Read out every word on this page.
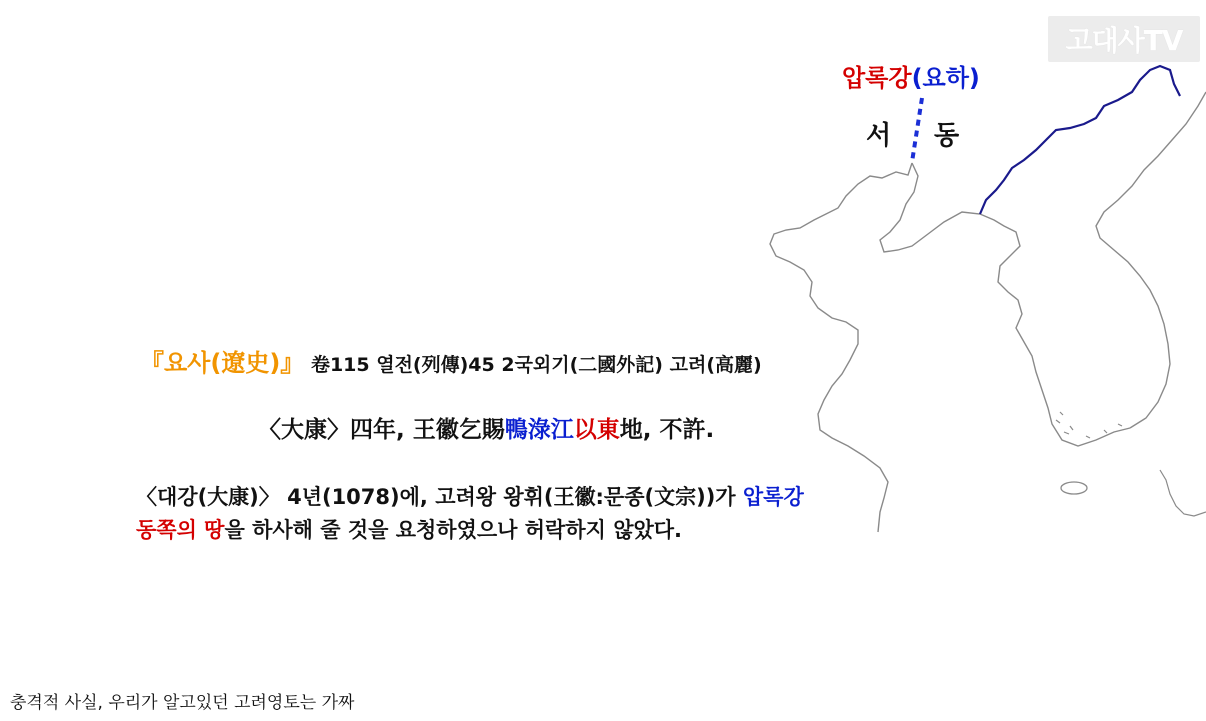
고대사TV
압록강(요하)
서 동
『요사(遼史)』 卷115 열전(列傳)45 2국외기(二國外記) 고려(高麗)
〈大康〉四年, 王徽乞賜鴨淥江以東地, 不許.
〈대강(大康)〉 4년(1078)에, 고려왕 왕휘(王徽:문종(文宗))가 압록강
동쪽의 땅을 하사해 줄 것을 요청하였으나 허락하지 않았다.
충격적 사실, 우리가 알고있던 고려영토는 가짜
